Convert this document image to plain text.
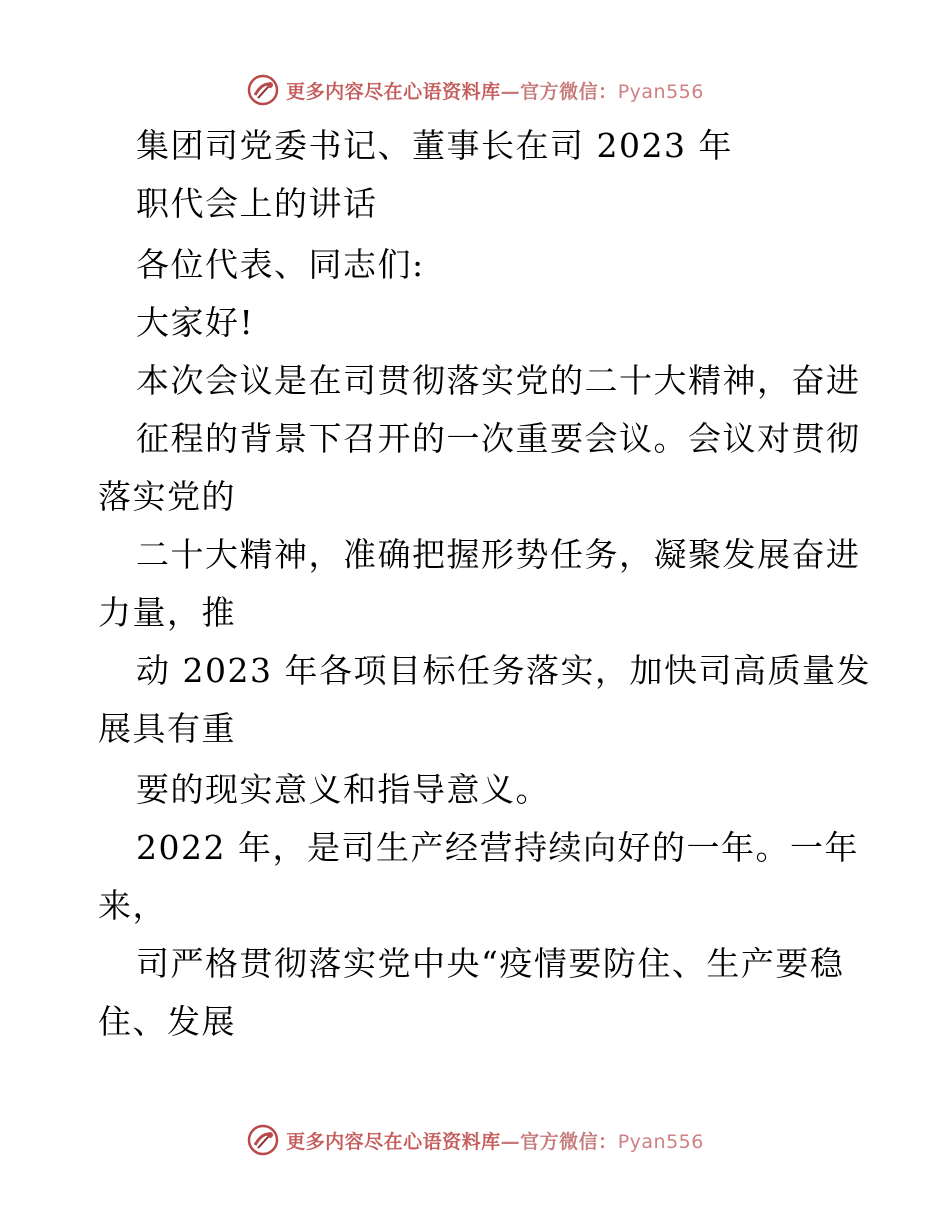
更多内容尽在心语资料库—官方微信：Pyan556
集团司党委书记、董事长在司 2023 年
职代会上的讲话
各位代表、同志们:
大家好!
本次会议是在司贯彻落实党的二十大精神，奋进
征程的背景下召开的一次重要会议。会议对贯彻
落实党的
二十大精神，准确把握形势任务，凝聚发展奋进
力量，推
动 2023 年各项目标任务落实，加快司高质量发
展具有重
要的现实意义和指导意义。
2022 年，是司生产经营持续向好的一年。一年
来，
司严格贯彻落实党中央“疫情要防住、生产要稳
住、发展
更多内容尽在心语资料库—官方微信：Pyan556
